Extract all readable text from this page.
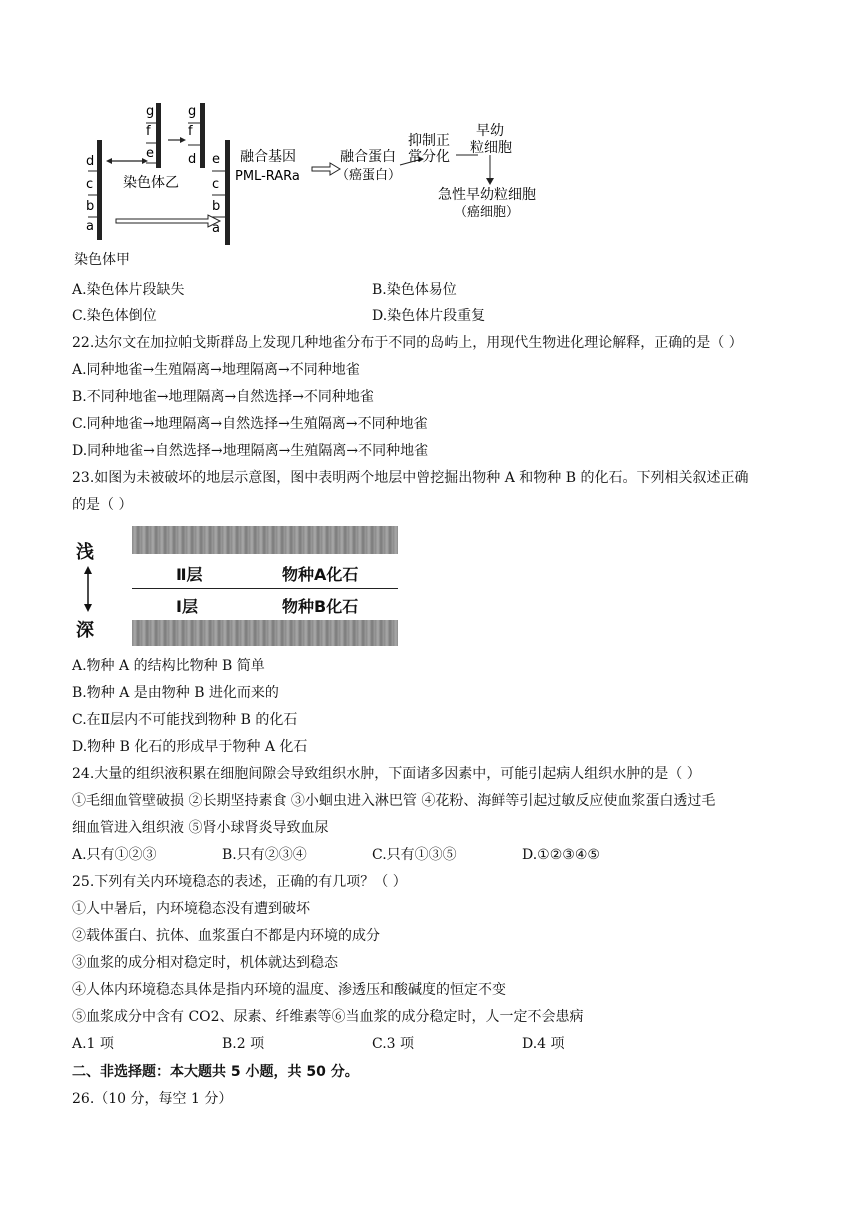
d
c
b
a
g
f
e
g
f
d e
c
b
a
染色体乙
融合基因
PML-RARa
融合蛋白
（癌蛋白）
抑制正
常分化
早幼
粒细胞
急性早幼粒细胞
（癌细胞）
染色体甲
A.染色体片段缺失	B.染色体易位
C.染色体倒位	D.染色体片段重复
22.达尔文在加拉帕戈斯群岛上发现几种地雀分布于不同的岛屿上，用现代生物进化理论解释，正确的是（ ）
A.同种地雀→生殖隔离→地理隔离→不同种地雀
B.不同种地雀→地理隔离→自然选择→不同种地雀
C.同种地雀→地理隔离→自然选择→生殖隔离→不同种地雀
D.同种地雀→自然选择→地理隔离→生殖隔离→不同种地雀
23.如图为未被破坏的地层示意图，图中表明两个地层中曾挖掘出物种 A 和物种 B 的化石。下列相关叙述正确
的是（ ）
浅
深
Ⅱ层	物种A化石
Ⅰ层	物种B化石
A.物种 A 的结构比物种 B 简单
B.物种 A 是由物种 B 进化而来的
C.在Ⅱ层内不可能找到物种 B 的化石
D.物种 B 化石的形成早于物种 A 化石
24.大量的组织液积累在细胞间隙会导致组织水肿，下面诸多因素中，可能引起病人组织水肿的是（ ）
①毛细血管壁破损 ②长期坚持素食 ③小蛔虫进入淋巴管 ④花粉、海鲜等引起过敏反应使血浆蛋白透过毛
细血管进入组织液 ⑤肾小球肾炎导致血尿
A.只有①②③	B.只有②③④	C.只有①③⑤	D.①②③④⑤
25.下列有关内环境稳态的表述，正确的有几项？（ ）
①人中暑后，内环境稳态没有遭到破坏
②载体蛋白、抗体、血浆蛋白不都是内环境的成分
③血浆的成分相对稳定时，机体就达到稳态
④人体内环境稳态具体是指内环境的温度、渗透压和酸碱度的恒定不变
⑤血浆成分中含有 CO2、尿素、纤维素等⑥当血浆的成分稳定时，人一定不会患病
A.1 项	B.2 项	C.3 项	D.4 项
二、非选择题：本大题共 5 小题，共 50 分。
26.（10 分，每空 1 分）
